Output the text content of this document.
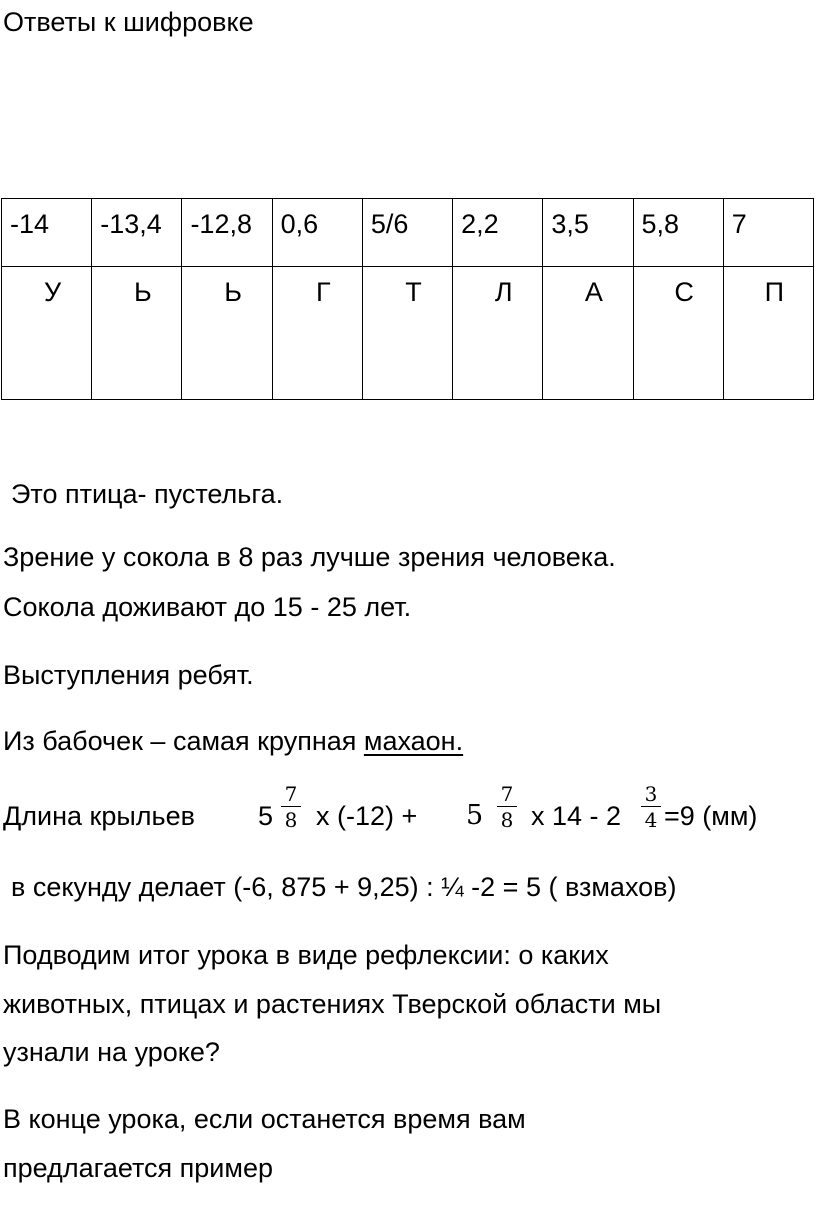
Ответы к шифровке
-14	-13,4	-12,8	0,6	5/6	2,2	3,5	5,8	7
У	Ь	Ь	Г	Т	Л	А	С	П
Это птица- пустельга.
Зрение у сокола в 8 раз лучше зрения человека.
Сокола доживают до 15 - 25 лет.
Выступления ребят.
Из бабочек – самая крупная махаон.
Длина крыльев 5
7
8 х (-12) + 5
7
8 х 14 - 2
3
4 =9 (мм)
в секунду делает (-6, 875 + 9,25) : ¼ -2 = 5 ( взмахов)
Подводим итог урока в виде рефлексии: о каких
животных, птицах и растениях Тверской области мы
узнали на уроке?
В конце урока, если останется время вам
предлагается пример
